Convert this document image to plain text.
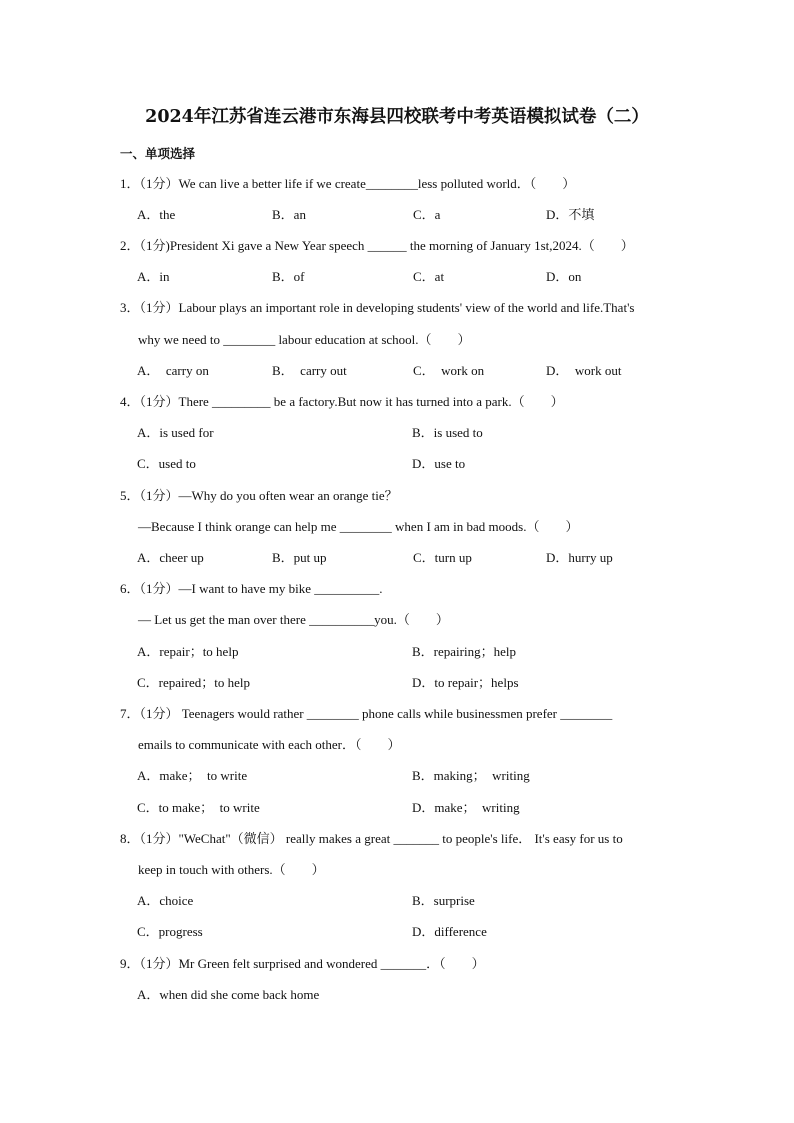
2024年江苏省连云港市东海县四校联考中考英语模拟试卷（二）
一、单项选择
1．（1分）We can live a better life if we create________less polluted world．（　　）
A．the	B．an	C．a	D．不填
2．（1分)President Xi gave a New Year speech ______ the morning of January 1st,2024.（　　）
A．in	B．of	C．at	D．on
3．（1分）Labour plays an important role in developing students' view of the world and life.That's
why we need to ________ labour education at school.（　　）
A．　carry on	B．　carry out	C．　work on	D．　work out
4．（1分）There _________ be a factory.But now it has turned into a park.（　　）
A．is used for	B．is used to
C．used to	D．use to
5．（1分）—Why do you often wear an orange tie？
—Because I think orange can help me ________ when I am in bad moods.（　　）
A．cheer up	B．put up	C．turn up	D．hurry up
6．（1分）—I want to have my bike __________.
— Let us get the man over there __________you.（　　）
A．repair；to help	B．repairing；help
C．repaired；to help	D．to repair；helps
7．（1分） Teenagers would rather ________ phone calls while businessmen prefer ________
emails to communicate with each other．（　　）
A．make；　to write	B．making；　writing
C．to make；　to write	D．make；　writing
8．（1分）"WeChat"（微信） really makes a great _______ to people's life． It's easy for us to
keep in touch with others.（　　）
A．choice	B．surprise
C．progress	D．difference
9．（1分）Mr Green felt surprised and wondered _______．（　　）
A．when did she come back home
